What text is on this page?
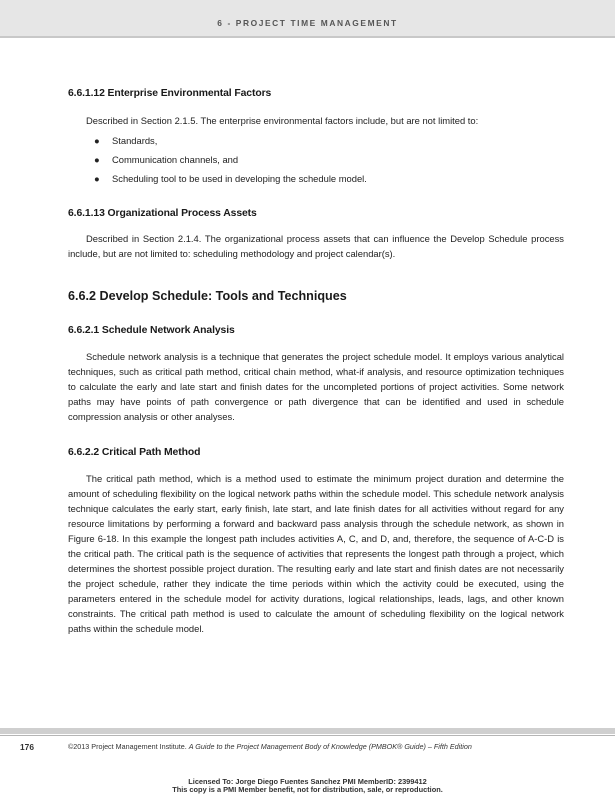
6 - PROJECT TIME MANAGEMENT
6.6.1.12 Enterprise Environmental Factors

Described in Section 2.1.5. The enterprise environmental factors include, but are not limited to:

● Standards,
● Communication channels, and
● Scheduling tool to be used in developing the schedule model.
6.6.1.13 Organizational Process Assets

Described in Section 2.1.4. The organizational process assets that can influence the Develop Schedule process include, but are not limited to: scheduling methodology and project calendar(s).

6.6.2 Develop Schedule: Tools and Techniques
6.6.2.1 Schedule Network Analysis

Schedule network analysis is a technique that generates the project schedule model. It employs various analytical techniques, such as critical path method, critical chain method, what-if analysis, and resource optimization techniques to calculate the early and late start and finish dates for the uncompleted portions of project activities. Some network paths may have points of path convergence or path divergence that can be identified and used in schedule compression analysis or other analyses.

6.6.2.2 Critical Path Method

The critical path method, which is a method used to estimate the minimum project duration and determine the amount of scheduling flexibility on the logical network paths within the schedule model. This schedule network analysis technique calculates the early start, early finish, late start, and late finish dates for all activities without regard for any resource limitations by performing a forward and backward pass analysis through the schedule network, as shown in Figure 6-18. In this example the longest path includes activities A, C, and D, and, therefore, the sequence of A-C-D is the critical path. The critical path is the sequence of activities that represents the longest path through a project, which determines the shortest possible project duration. The resulting early and late start and finish dates are not necessarily the project schedule, rather they indicate the time periods within which the activity could be executed, using the parameters entered in the schedule model for activity durations, logical relationships, leads, lags, and other known constraints. The critical path method is used to calculate the amount of scheduling flexibility on the logical network paths within the schedule model.

176	©2013 Project Management Institute. A Guide to the Project Management Body of Knowledge (PMBOK® Guide) – Fifth Edition
Licensed To: Jorge Diego Fuentes Sanchez PMI MemberID: 2399412
This copy is a PMI Member benefit, not for distribution, sale, or reproduction.
